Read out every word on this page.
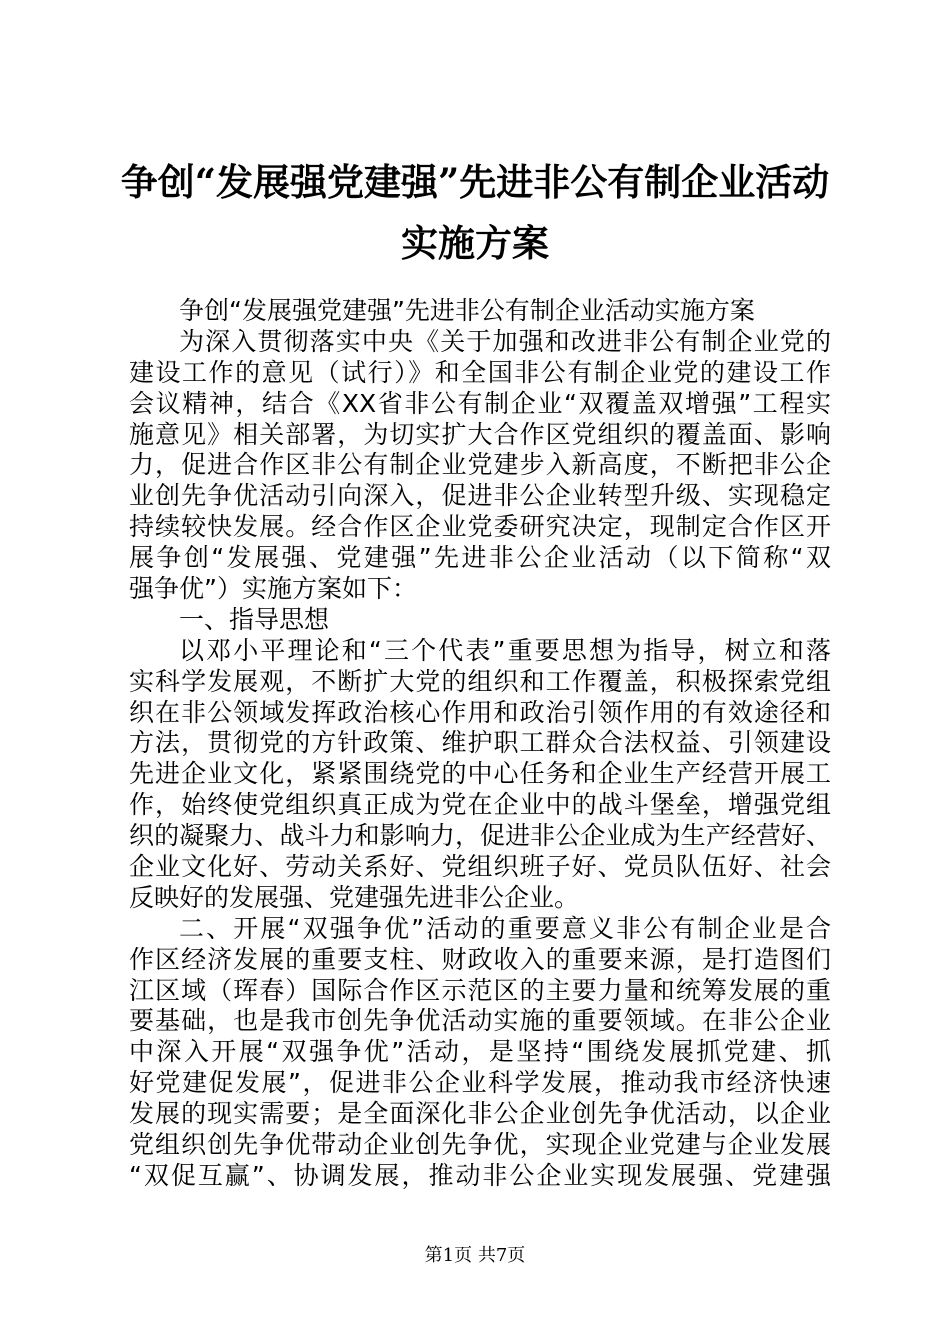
争创“发展强党建强”先进非公有制企业活动
实施方案
争创“发展强党建强”先进非公有制企业活动实施方案
为深入贯彻落实中央《关于加强和改进非公有制企业党的
建设工作的意见（试行）》和全国非公有制企业党的建设工作
会议精神，结合《XX省非公有制企业“双覆盖双增强”工程实
施意见》相关部署，为切实扩大合作区党组织的覆盖面、影响
力，促进合作区非公有制企业党建步入新高度，不断把非公企
业创先争优活动引向深入，促进非公企业转型升级、实现稳定
持续较快发展。经合作区企业党委研究决定，现制定合作区开
展争创“发展强、党建强”先进非公企业活动（以下简称“双
强争优”）实施方案如下：
一、指导思想
以邓小平理论和“三个代表”重要思想为指导，树立和落
实科学发展观，不断扩大党的组织和工作覆盖，积极探索党组
织在非公领域发挥政治核心作用和政治引领作用的有效途径和
方法，贯彻党的方针政策、维护职工群众合法权益、引领建设
先进企业文化，紧紧围绕党的中心任务和企业生产经营开展工
作，始终使党组织真正成为党在企业中的战斗堡垒，增强党组
织的凝聚力、战斗力和影响力，促进非公企业成为生产经营好、
企业文化好、劳动关系好、党组织班子好、党员队伍好、社会
反映好的发展强、党建强先进非公企业。
二、开展“双强争优”活动的重要意义非公有制企业是合
作区经济发展的重要支柱、财政收入的重要来源，是打造图们
江区域（珲春）国际合作区示范区的主要力量和统筹发展的重
要基础，也是我市创先争优活动实施的重要领域。在非公企业
中深入开展“双强争优”活动，是坚持“围绕发展抓党建、抓
好党建促发展”，促进非公企业科学发展，推动我市经济快速
发展的现实需要；是全面深化非公企业创先争优活动，以企业
党组织创先争优带动企业创先争优，实现企业党建与企业发展
“双促互赢”、协调发展，推动非公企业实现发展强、党建强
第1页 共7页
